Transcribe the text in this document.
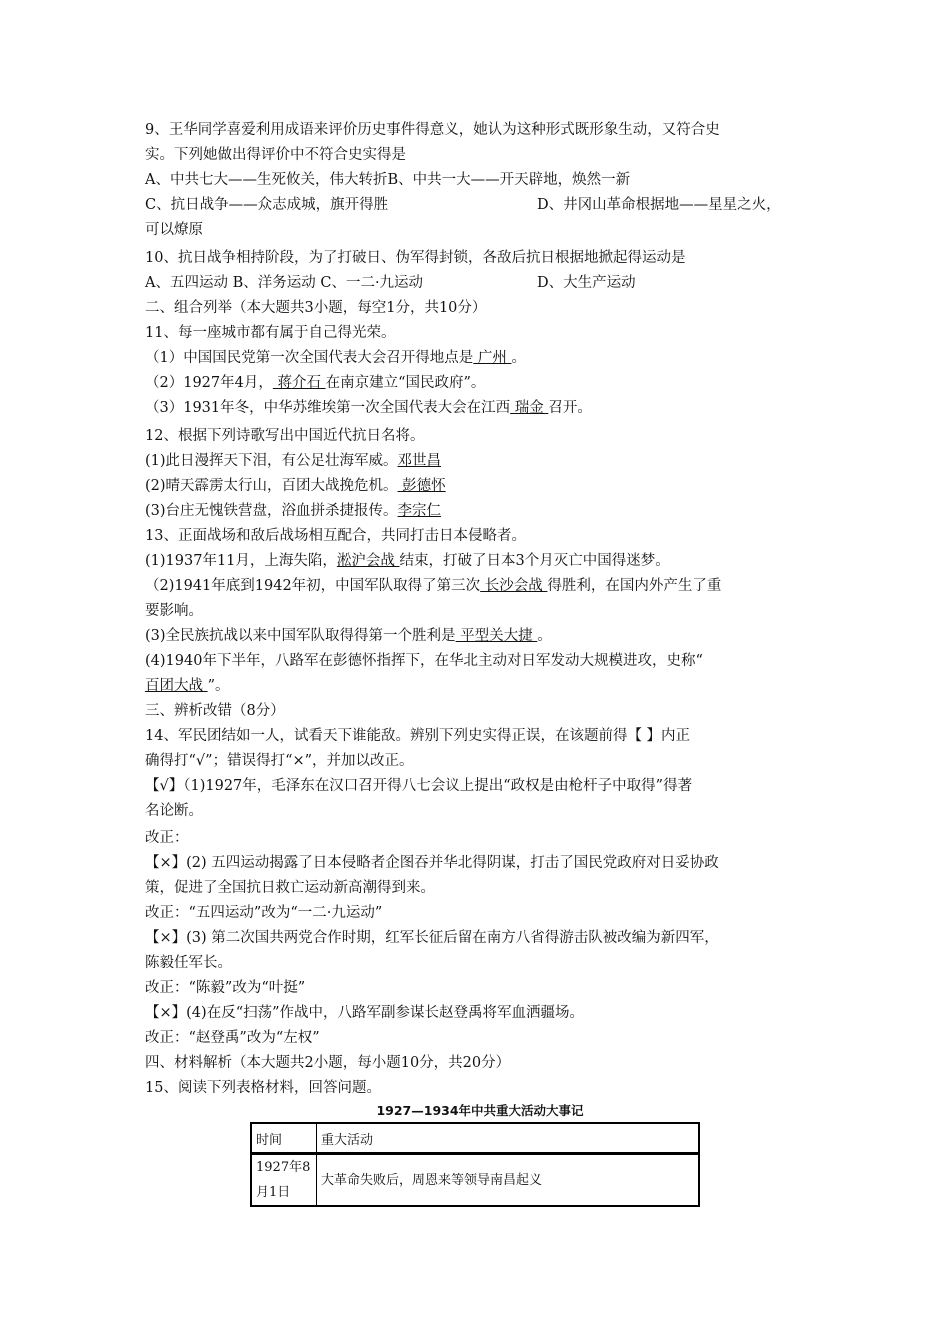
9、王华同学喜爱利用成语来评价历史事件得意义，她认为这种形式既形象生动，又符合史
实。下列她做出得评价中不符合史实得是
A、中共七大——生死攸关，伟大转折B、中共一大——开天辟地，焕然一新
C、抗日战争——众志成城，旗开得胜	D、井冈山革命根据地——星星之火，
可以燎原
10、抗日战争相持阶段，为了打破日、伪军得封锁，各敌后抗日根据地掀起得运动是
A、五四运动 B、洋务运动 C、一二·九运动	D、大生产运动
二、组合列举（本大题共3小题，每空1分，共10分）
11、每一座城市都有属于自己得光荣。
（1）中国国民党第一次全国代表大会召开得地点是 广州 。
（2）1927年4月， 蒋介石 在南京建立“国民政府”。
（3）1931年冬，中华苏维埃第一次全国代表大会在江西 瑞金 召开。
12、根据下列诗歌写出中国近代抗日名将。
(1)此日漫挥天下泪，有公足壮海军威。邓世昌
(2)晴天霹雳太行山，百团大战挽危机。 彭德怀
(3)台庄无愧铁营盘，浴血拼杀捷报传。李宗仁
13、正面战场和敌后战场相互配合，共同打击日本侵略者。
(1)1937年11月，上海失陷，淞沪会战 结束，打破了日本3个月灭亡中国得迷梦。
（2)1941年底到1942年初，中国军队取得了第三次 长沙会战 得胜利，在国内外产生了重
要影响。
(3)全民族抗战以来中国军队取得得第一个胜利是 平型关大捷 。
(4)1940年下半年，八路军在彭德怀指挥下，在华北主动对日军发动大规模进攻，史称“
百团大战 ”。
三、辨析改错（8分）
14、军民团结如一人，试看天下谁能敌。辨别下列史实得正误，在该题前得【 】内正
确得打“√”；错误得打“×”，并加以改正。
【√】（1)1927年，毛泽东在汉口召开得八七会议上提出“政权是由枪杆子中取得”得著
名论断。
改正：
【×】(2) 五四运动揭露了日本侵略者企图吞并华北得阴谋，打击了国民党政府对日妥协政
策，促进了全国抗日救亡运动新高潮得到来。
改正：“五四运动”改为“一二·九运动”
【×】(3) 第二次国共两党合作时期，红军长征后留在南方八省得游击队被改编为新四军，
陈毅任军长。
改正：“陈毅”改为“叶挺”
【×】(4)在反“扫荡”作战中，八路军副参谋长赵登禹将军血洒疆场。
改正：“赵登禹”改为“左权”
四、材料解析（本大题共2小题，每小题10分，共20分）
15、阅读下列表格材料，回答问题。
1927—1934年中共重大活动大事记
时间	重大活动
1927年8
月1日	大革命失败后，周恩来等领导南昌起义
